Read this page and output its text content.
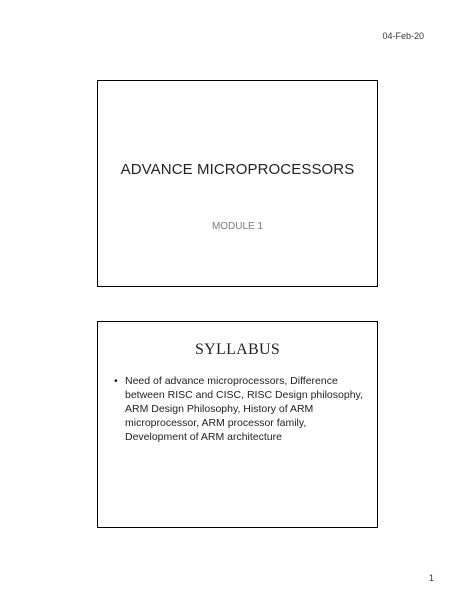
04-Feb-20
ADVANCE MICROPROCESSORS
MODULE 1
SYLLABUS
• Need of advance microprocessors, Difference between RISC and CISC, RISC Design philosophy, ARM Design Philosophy, History of ARM microprocessor, ARM processor family, Development of ARM architecture
1
